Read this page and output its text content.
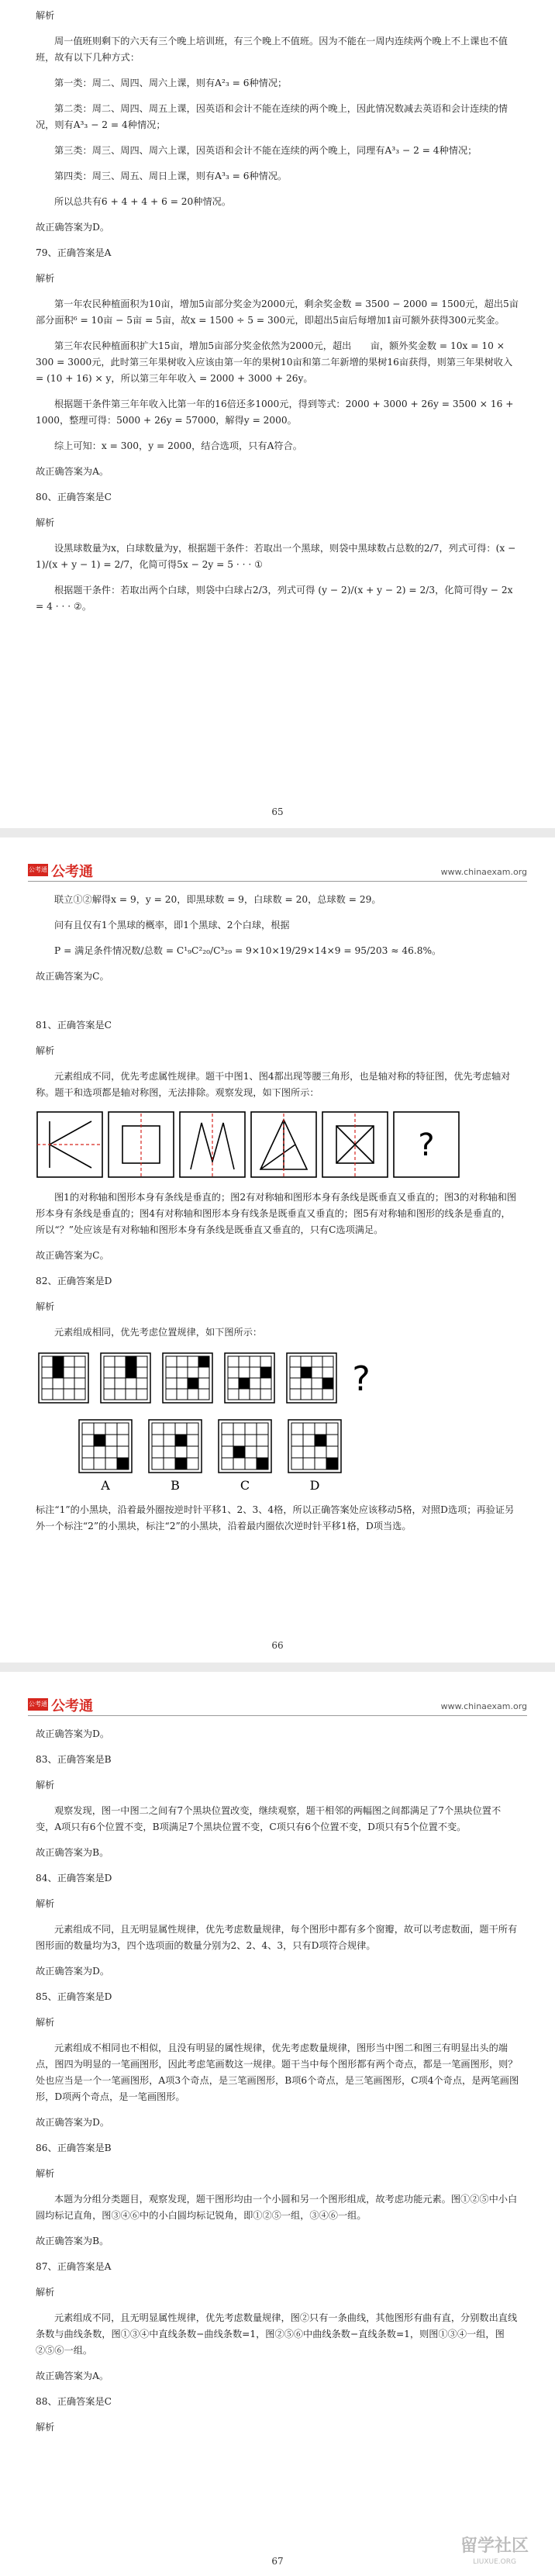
解析

周一值班则剩下的六天有三个晚上培训班，有三个晚上不值班。因为不能在一周内连续两个晚上不上课也不值班，故有以下几种方式：

第一类：周二、周四、周六上课，则有A²₃ = 6种情况；

第二类：周二、周四、周五上课，因英语和会计不能在连续的两个晚上，因此情况数减去英语和会计连续的情况，则有A³₃ − 2 = 4种情况；

第三类：周三、周四、周六上课，因英语和会计不能在连续的两个晚上，同理有A³₃ − 2 = 4种情况；

第四类：周三、周五、周日上课，则有A³₃ = 6种情况。

所以总共有6 + 4 + 4 + 6 = 20种情况。

故正确答案为D。

79、正确答案是A

解析

第一年农民种植面积为10亩，增加5亩部分奖金为2000元，剩余奖金数 = 3500 − 2000 = 1500元，超出5亩部分面积⁶ = 10亩 − 5亩 = 5亩，故x = 1500 ÷ 5 = 300元，即超出5亩后每增加1亩可额外获得300元奖金。

第三年农民种植面积扩大15亩，增加5亩部分奖金依然为2000元，超出　　亩，额外奖金数 = 10x = 10 × 300 = 3000元，此时第三年果树收入应该由第一年的果树10亩和第二年新增的果树16亩获得，则第三年果树收入 = (10 + 16) × y，所以第三年年收入 = 2000 + 3000 + 26y。

根据题干条件第三年年收入比第一年的16倍还多1000元，得到等式：2000 + 3000 + 26y = 3500 × 16 + 1000，整理可得：5000 + 26y = 57000，解得y = 2000。

综上可知：x = 300，y = 2000，结合选项，只有A符合。

故正确答案为A。

80、正确答案是C

解析

设黑球数量为x，白球数量为y，根据题干条件：若取出一个黑球，则袋中黑球数占总数的2/7，列式可得：(x − 1)/(x + y − 1) = 2/7，化简可得5x − 2y = 5 · · · ①

根据题干条件：若取出两个白球，则袋中白球占2/3，列式可得 (y − 2)/(x + y − 2) = 2/3，化简可得y − 2x = 4 · · · ②。

65
公考通 公考通	www.chinaexam.org

联立①②解得x = 9，y = 20，即黑球数 = 9，白球数 = 20，总球数 = 29。

问有且仅有1个黑球的概率，即1个黑球、2个白球，根据

P = 满足条件情况数/总数 = C¹₉C²₂₀/C³₂₉ = 9×10×19/29×14×9 = 95/203 ≈ 46.8%。

故正确答案为C。

81、正确答案是C

解析

元素组成不同，优先考虑属性规律。题干中图1、图4都出现等腰三角形，也是轴对称的特征图，优先考虑轴对称。题干和选项都是轴对称图，无法排除。观察发现，如下图所示：

?

图1的对称轴和图形本身有条线是垂直的；图2有对称轴和图形本身有条线是既垂直又垂直的；图3的对称轴和图形本身有条线是垂直的；图4有对称轴和图形本身有线条是既垂直又垂直的；图5有对称轴和图形的线条是垂直的，所以“？”处应该是有对称轴和图形本身有条线是既垂直又垂直的，只有C选项满足。

故正确答案为C。

82、正确答案是D

解析

元素组成相同，优先考虑位置规律，如下图所示：

?
A	B	C	D

标注“1”的小黑块，沿着最外圈按逆时针平移1、2、3、4格，所以正确答案处应该移动5格，对照D选项；再验证另外一个标注“2”的小黑块，标注“2”的小黑块，沿着最内圈依次逆时针平移1格，D项当选。

66
公考通 公考通	www.chinaexam.org

故正确答案为D。

83、正确答案是B

解析

观察发现，图一中图二之间有7个黑块位置改变，继续观察，题干相邻的两幅图之间都满足了7个黑块位置不变，A项只有6个位置不变，B项满足7个黑块位置不变，C项只有6个位置不变，D项只有5个位置不变。

故正确答案为B。

84、正确答案是D

解析

元素组成不同，且无明显属性规律，优先考虑数量规律，每个图形中都有多个窗瓣，故可以考虑数面，题干所有图形面的数量均为3，四个选项面的数量分别为2、2、4、3，只有D项符合规律。

故正确答案为D。

85、正确答案是D

解析

元素组成不相同也不相似，且没有明显的属性规律，优先考虑数量规律，图形当中图二和图三有明显出头的端点，图四为明显的一笔画图形，因此考虑笔画数这一规律。题干当中每个图形都有两个奇点，都是一笔画图形，则？处也应当是一个一笔画图形，A项3个奇点，是三笔画图形，B项6个奇点，是三笔画图形，C项4个奇点，是两笔画图形，D项两个奇点，是一笔画图形。

故正确答案为D。

86、正确答案是B

解析

本题为分组分类题目，观察发现，题干图形均由一个小圆和另一个图形组成，故考虑功能元素。图①②⑤中小白圆均标记直角，图③④⑥中的小白圆均标记锐角，即①②⑤一组，③④⑥一组。

故正确答案为B。

87、正确答案是A

解析

元素组成不同，且无明显属性规律，优先考虑数量规律，图②只有一条曲线，其他图形有曲有直，分别数出直线条数与曲线条数，图①③④中直线条数−曲线条数=1，图②⑤⑥中曲线条数−直线条数=1，则图①③④一组，图②⑤⑥一组。

故正确答案为A。

88、正确答案是C

解析

67
留学社区
LIUXUE.ORG
